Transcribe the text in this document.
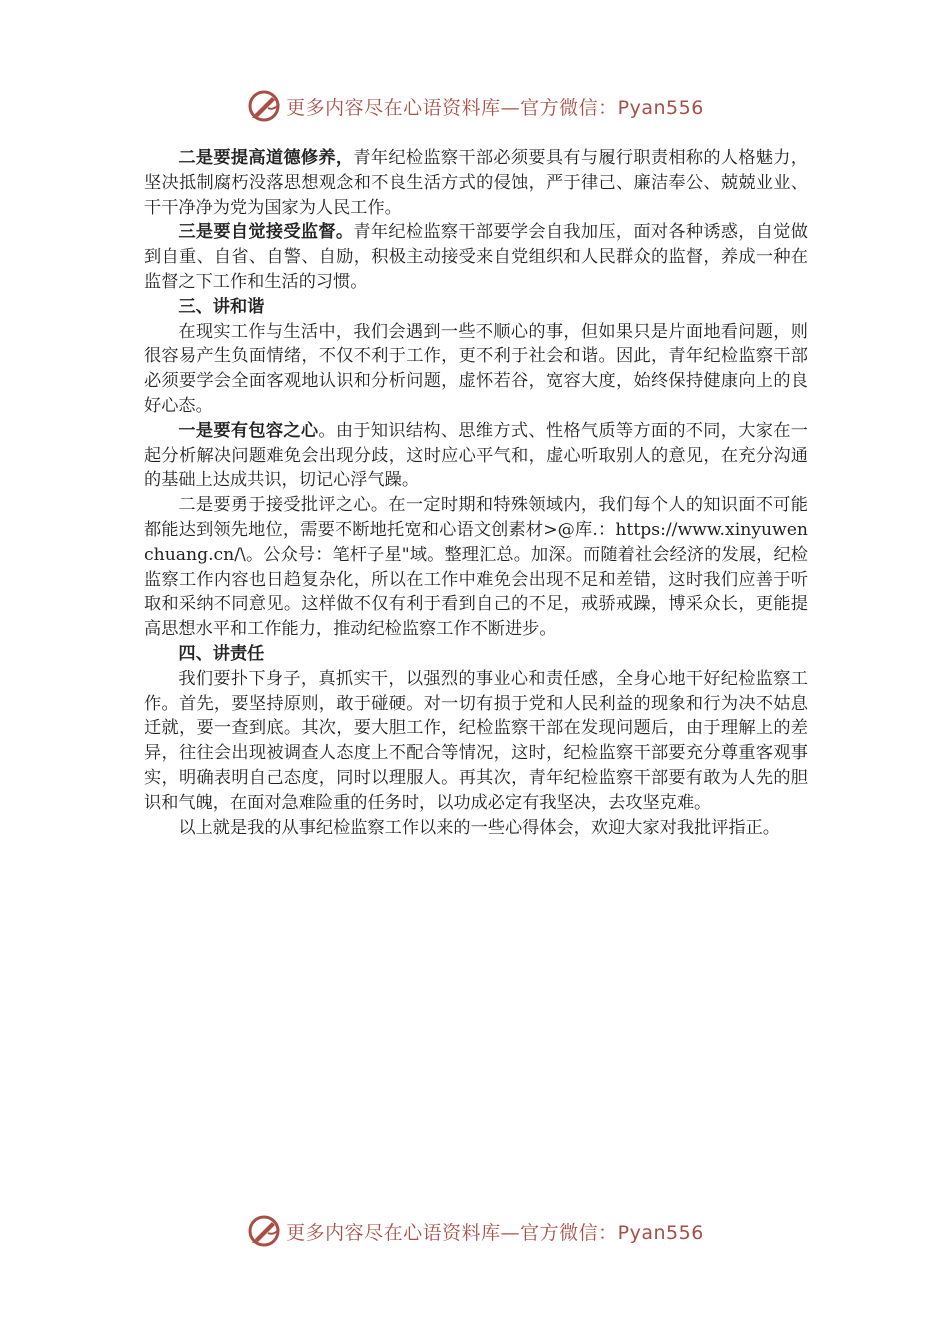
更多内容尽在心语资料库—官方微信：Pyan556

二是要提高道德修养，青年纪检监察干部必须要具有与履行职责相称的人格魅力，坚决抵制腐朽没落思想观念和不良生活方式的侵蚀，严于律己、廉洁奉公、兢兢业业、干干净净为党为国家为人民工作。

三是要自觉接受监督。青年纪检监察干部要学会自我加压，面对各种诱惑，自觉做到自重、自省、自警、自励，积极主动接受来自党组织和人民群众的监督，养成一种在监督之下工作和生活的习惯。

三、讲和谐

在现实工作与生活中，我们会遇到一些不顺心的事，但如果只是片面地看问题，则很容易产生负面情绪，不仅不利于工作，更不利于社会和谐。因此，青年纪检监察干部必须要学会全面客观地认识和分析问题，虚怀若谷，宽容大度，始终保持健康向上的良好心态。

一是要有包容之心。由于知识结构、思维方式、性格气质等方面的不同，大家在一起分析解决问题难免会出现分歧，这时应心平气和，虚心听取别人的意见，在充分沟通的基础上达成共识，切记心浮气躁。

二是要勇于接受批评之心。在一定时期和特殊领域内，我们每个人的知识面不可能都能达到领先地位，需要不断地托宽和心语文创素材>@库.：https://www.xinyuwenchuang.cn/\。公众号：笔杆子星"域。整理汇总。加深。而随着社会经济的发展，纪检监察工作内容也日趋复杂化，所以在工作中难免会出现不足和差错，这时我们应善于听取和采纳不同意见。这样做不仅有利于看到自己的不足，戒骄戒躁，博采众长，更能提高思想水平和工作能力，推动纪检监察工作不断进步。

四、讲责任

我们要扑下身子，真抓实干，以强烈的事业心和责任感，全身心地干好纪检监察工作。首先，要坚持原则，敢于碰硬。对一切有损于党和人民利益的现象和行为决不姑息迁就，要一查到底。其次，要大胆工作，纪检监察干部在发现问题后，由于理解上的差异，往往会出现被调查人态度上不配合等情况，这时，纪检监察干部要充分尊重客观事实，明确表明自己态度，同时以理服人。再其次，青年纪检监察干部要有敢为人先的胆识和气魄，在面对急难险重的任务时，以功成必定有我坚决，去攻坚克难。

以上就是我的从事纪检监察工作以来的一些心得体会，欢迎大家对我批评指正。

更多内容尽在心语资料库—官方微信：Pyan556
